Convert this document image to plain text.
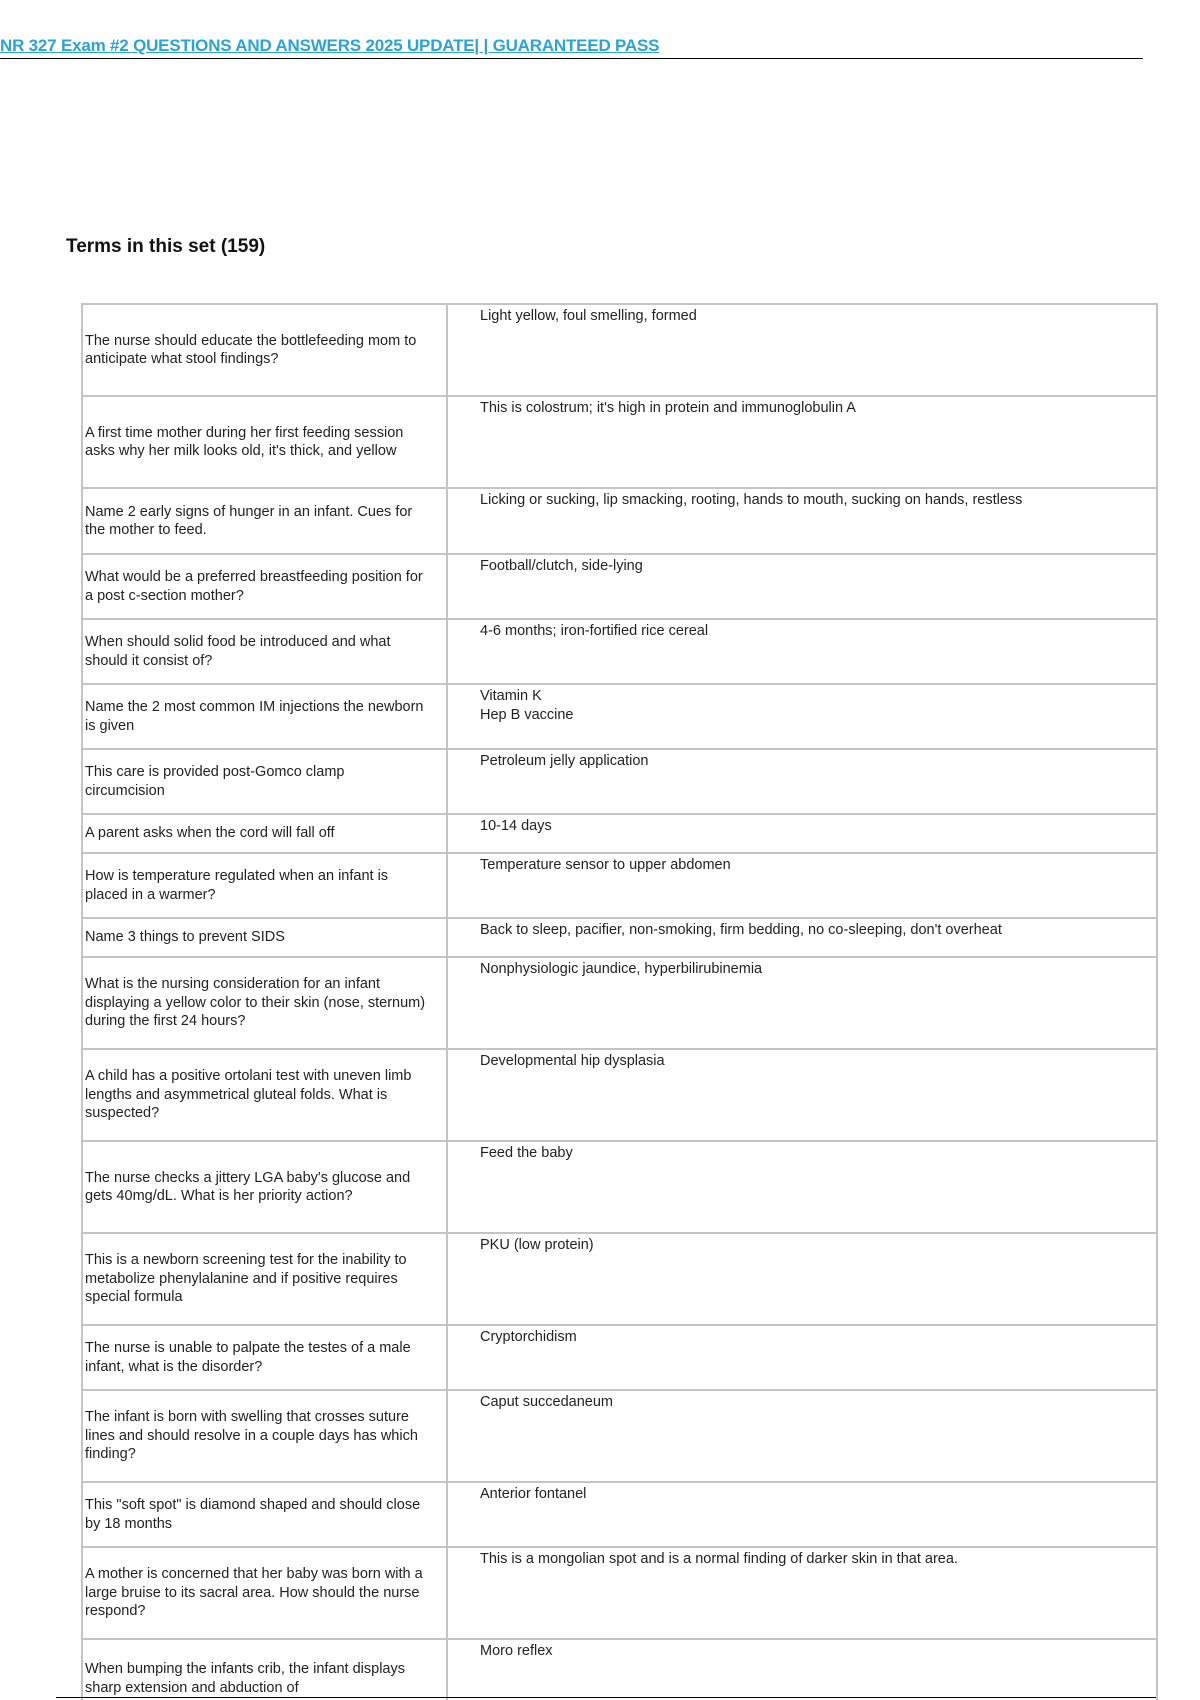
NR 327 Exam #2 QUESTIONS AND ANSWERS 2025 UPDATE| | GUARANTEED PASS
Terms in this set (159)
The nurse should educate the bottlefeeding mom to anticipate what stool findings?	Light yellow, foul smelling, formed

A first time mother during her first feeding session asks why her milk looks old, it's thick, and yellow	This is colostrum; it's high in protein and immunoglobulin A

Name 2 early signs of hunger in an infant. Cues for the mother to feed.	Licking or sucking, lip smacking, rooting, hands to mouth, sucking on hands, restless

What would be a preferred breastfeeding position for a post c-section mother?	Football/clutch, side-lying

When should solid food be introduced and what should it consist of?	4-6 months; iron-fortified rice cereal

Name the 2 most common IM injections the newborn is given	Vitamin K
Hep B vaccine

This care is provided post-Gomco clamp circumcision	Petroleum jelly application

A parent asks when the cord will fall off	10-14 days

How is temperature regulated when an infant is placed in a warmer?	Temperature sensor to upper abdomen

Name 3 things to prevent SIDS	Back to sleep, pacifier, non-smoking, firm bedding, no co-sleeping, don't overheat

What is the nursing consideration for an infant displaying a yellow color to their skin (nose, sternum) during the first 24 hours?	Nonphysiologic jaundice, hyperbilirubinemia

A child has a positive ortolani test with uneven limb lengths and asymmetrical gluteal folds. What is suspected?	Developmental hip dysplasia

The nurse checks a jittery LGA baby's glucose and gets 40mg/dL. What is her priority action?	Feed the baby

This is a newborn screening test for the inability to metabolize phenylalanine and if positive requires special formula	PKU (low protein)

The nurse is unable to palpate the testes of a male infant, what is the disorder?	Cryptorchidism

The infant is born with swelling that crosses suture lines and should resolve in a couple days has which finding?	Caput succedaneum

This "soft spot" is diamond shaped and should close by 18 months	Anterior fontanel

A mother is concerned that her baby was born with a large bruise to its sacral area. How should the nurse respond?	This is a mongolian spot and is a normal finding of darker skin in that area.

When bumping the infants crib, the infant displays sharp extension and abduction of	Moro reflex
